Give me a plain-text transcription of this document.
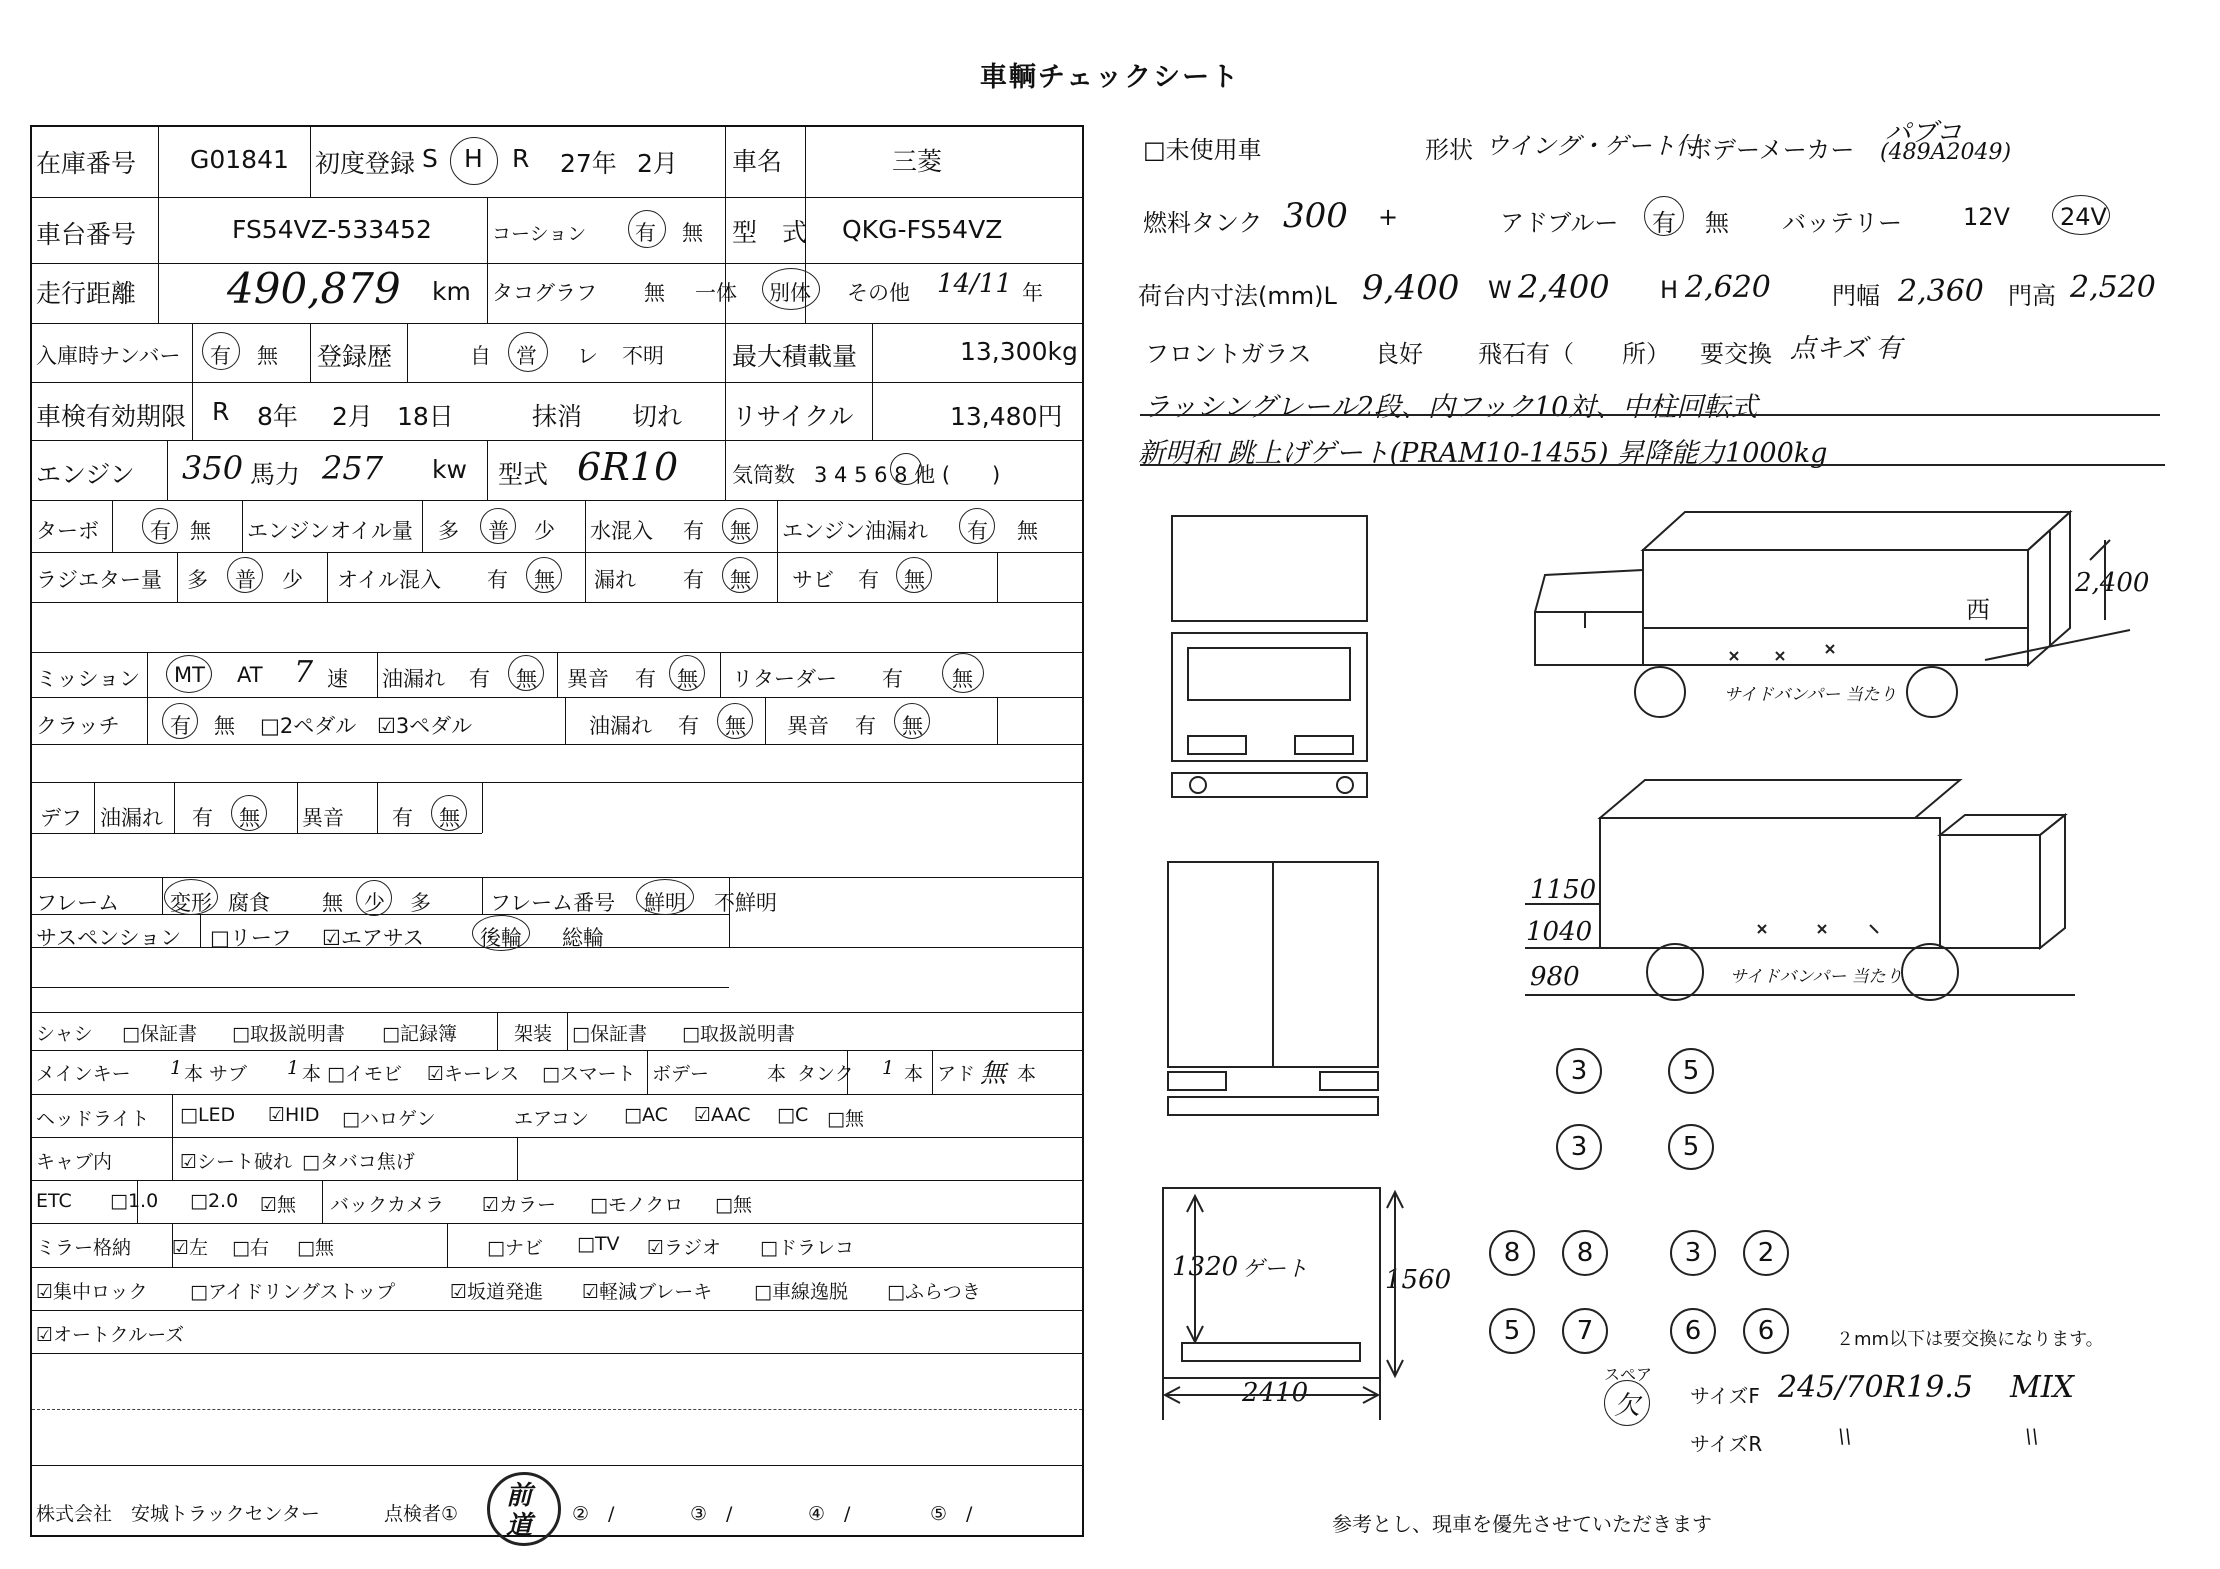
車輌チェックシート
在庫番号 G01841 初度登録 S H R 27年 2月 車名	三菱
車台番号	FS54VZ-533452	コーション 有 無 型　式 QKG-FS54VZ
走行距離 490,879 km タコグラフ 無 一体 別体 その他 14/11 年
入庫時ナンバー 有 無 登録歴	自 営 レ 不明	最大積載量	13,300kg
車検有効期限 R 8年 2月 18日	抹消 切れ リサイクル	13,480円
エンジン 350 馬力 257 kw 型式 6R10	気筒数 3 4 5 6 8 他 (　　)
ターボ 有 無 エンジンオイル量 多 普 少 水混入 有 無 エンジン油漏れ 有 無
ラジエター量 多 普 少 オイル混入 有 無 漏れ 有 無 サビ 有 無
ミッション MT AT 7 速 油漏れ 有 無 異音 有 無 リターダー 有 無
クラッチ 有 無 □2ペダル ☑3ペダル	油漏れ 有 無 異音 有 無
デフ 油漏れ 有 無 異音 有 無
フレーム 変形 腐食 無 少 多	フレーム番号 鮮明 不鮮明
サスペンション □リーフ ☑エアサス	後輪 総輪
シャシ □保証書 □取扱説明書 □記録簿	架装 □保証書 □取扱説明書
メインキー 1 本 サブ 1 本 □イモビ ☑キーレス □スマート ボデー	本 タンク 1 本 アド 無 本
ヘッドライト □LED ☑HID □ハロゲン	エアコン □AC ☑AAC □C □無
キャブ内	☑シート破れ □タバコ焦げ
ETC □1.0 □2.0 ☑無 バックカメラ ☑カラー □モノクロ □無
ミラー格納 ☑左 □右 □無	□ナビ □TV ☑ラジオ □ドラレコ
☑集中ロック □アイドリングストップ	☑坂道発進 ☑軽減ブレーキ □車線逸脱 □ふらつき
☑オートクルーズ
株式会社　安城トラックセンター	点検者①
前
道 ②　/	③　/	④　/	⑤　/
□未使用車	形状 ウイング・ゲート付
ボデーメーカー
パブコ
(489A2049)
燃料タンク 300 +	アドブルー 有 無 バッテリー	12V 24V
荷台内寸法(mm)L 9,400 W 2,400 H 2,620	門幅 2,360 門高 2,520
フロントガラス	良好 飛石有（　　所） 要交換 点キズ 有
ラッシングレール2段、内フック10対、中柱回転式
新明和 跳上げゲート(PRAM10-1455) 昇降能力1000kg
西
2,400
サイドバンパー 当たり
1150
1040
980	サイドバンパー 当たり
1320 ゲート	1560
2410
3	5
3	5
8	8	3	2
5	7	6	6	２mm以下は要交換になります。
スペア
欠 サイズF 245/70R19.5 MIX
サイズR	\\	\\
参考とし、現車を優先させていただきます
